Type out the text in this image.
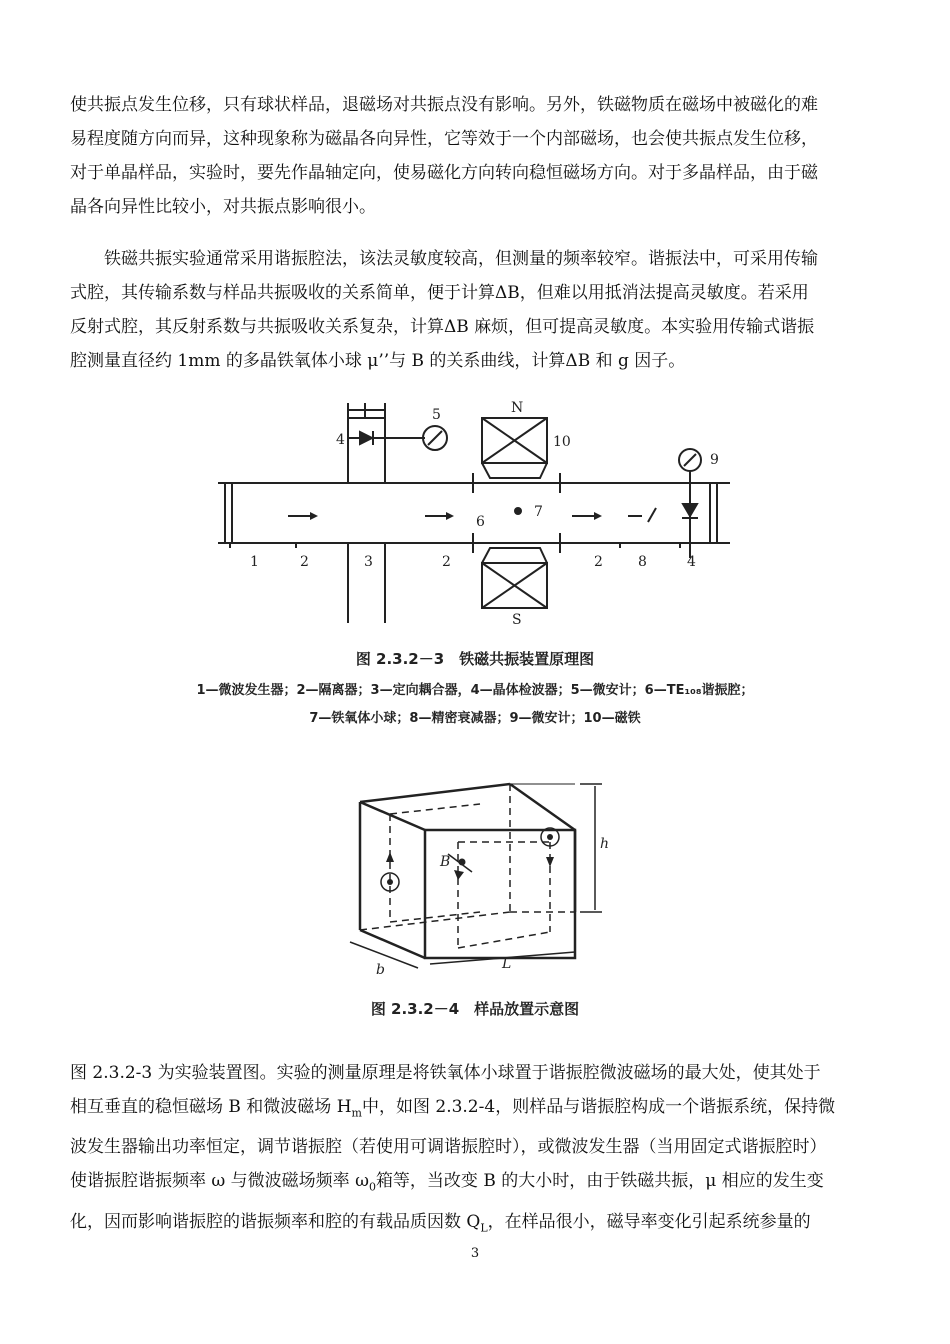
使共振点发生位移，只有球状样品，退磁场对共振点没有影响。另外，铁磁物质在磁场中被磁化的难
易程度随方向而异，这种现象称为磁晶各向异性，它等效于一个内部磁场，也会使共振点发生位移，
对于单晶样品，实验时，要先作晶轴定向，使易磁化方向转向稳恒磁场方向。对于多晶样品，由于磁
晶各向异性比较小，对共振点影响很小。

铁磁共振实验通常采用谐振腔法，该法灵敏度较高，但测量的频率较窄。谐振法中，可采用传输
式腔，其传输系数与样品共振吸收的关系简单，便于计算ΔB，但难以用抵消法提高灵敏度。若采用
反射式腔，其反射系数与共振吸收关系复杂，计算ΔB 麻烦，但可提高灵敏度。本实验用传输式谐振
腔测量直径约 1mm 的多晶铁氧体小球 μ’’与 B 的关系曲线，计算ΔB 和 g 因子。

N
S
1	2	3	2	2	8	4
4
5
6
7
9
10

图 2.3.2－3　铁磁共振装置原理图

1—微波发生器；2—隔离器；3—定向耦合器，4—晶体检波器；5—微安计；6—TE₁₀₈谐振腔；

7—铁氧体小球；8—精密衰减器；9—微安计；10—磁铁

B
h
b	L

图 2.3.2－4　样品放置示意图

图 2.3.2-3 为实验装置图。实验的测量原理是将铁氧体小球置于谐振腔微波磁场的最大处，使其处于
相互垂直的稳恒磁场 B 和微波磁场 $H_m$中，如图 2.3.2-4，则样品与谐振腔构成一个谐振系统，保持微
波发生器输出功率恒定，调节谐振腔（若使用可调谐振腔时），或微波发生器（当用固定式谐振腔时）
使谐振腔谐振频率 ω 与微波磁场频率 $\omega_0$箱等，当改变 B 的大小时，由于铁磁共振，μ 相应的发生变
化，因而影响谐振腔的谐振频率和腔的有载品质因数 $Q_L$，在样品很小，磁导率变化引起系统参量的

3
